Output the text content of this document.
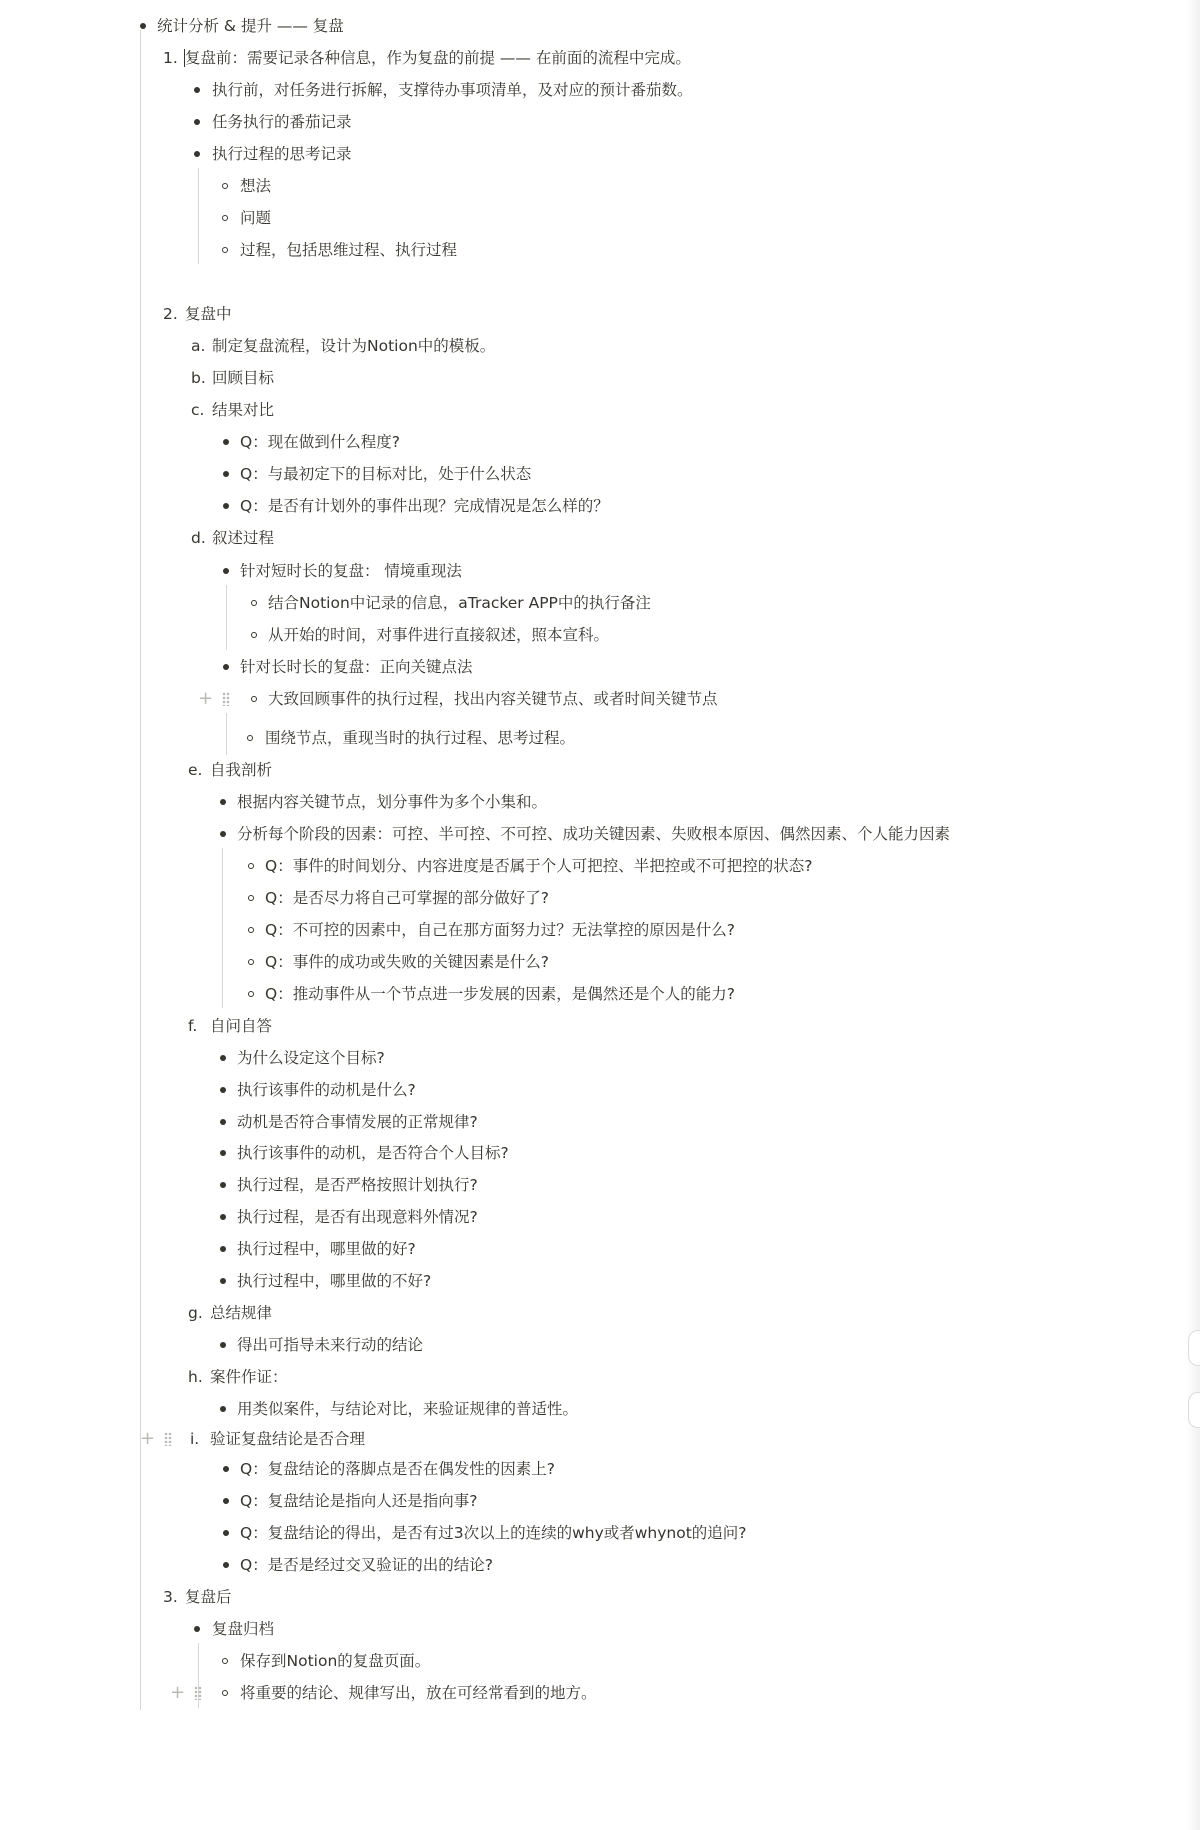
+
+
+
统计分析 & 提升 —— 复盘
1. 复盘前：需要记录各种信息，作为复盘的前提 —— 在前面的流程中完成。
执行前，对任务进行拆解，支撑待办事项清单，及对应的预计番茄数。
任务执行的番茄记录
执行过程的思考记录
想法
问题
过程，包括思维过程、执行过程
2. 复盘中
a. 制定复盘流程，设计为Notion中的模板。
b. 回顾目标
c. 结果对比
Q：现在做到什么程度?
Q：与最初定下的目标对比，处于什么状态
Q：是否有计划外的事件出现？完成情况是怎么样的？
d. 叙述过程
针对短时长的复盘： 情境重现法
结合Notion中记录的信息，aTracker APP中的执行备注
从开始的时间，对事件进行直接叙述，照本宣科。
针对长时长的复盘：正向关键点法
大致回顾事件的执行过程，找出内容关键节点、或者时间关键节点
围绕节点，重现当时的执行过程、思考过程。
e. 自我剖析
根据内容关键节点，划分事件为多个小集和。
分析每个阶段的因素：可控、半可控、不可控、成功关键因素、失败根本原因、偶然因素、个人能力因素
Q：事件的时间划分、内容进度是否属于个人可把控、半把控或不可把控的状态?
Q：是否尽力将自己可掌握的部分做好了?
Q：不可控的因素中，自己在那方面努力过？无法掌控的原因是什么?
Q：事件的成功或失败的关键因素是什么?
Q：推动事件从一个节点进一步发展的因素，是偶然还是个人的能力?
f. 自问自答
为什么设定这个目标?
执行该事件的动机是什么?
动机是否符合事情发展的正常规律?
执行该事件的动机，是否符合个人目标?
执行过程，是否严格按照计划执行?
执行过程，是否有出现意料外情况?
执行过程中，哪里做的好?
执行过程中，哪里做的不好?
g. 总结规律
得出可指导未来行动的结论
h. 案件作证：
用类似案件，与结论对比，来验证规律的普适性。
i. 验证复盘结论是否合理
Q：复盘结论的落脚点是否在偶发性的因素上?
Q：复盘结论是指向人还是指向事?
Q：复盘结论的得出，是否有过3次以上的连续的why或者whynot的追问?
Q：是否是经过交叉验证的出的结论?
3. 复盘后
复盘归档
保存到Notion的复盘页面。
将重要的结论、规律写出，放在可经常看到的地方。
